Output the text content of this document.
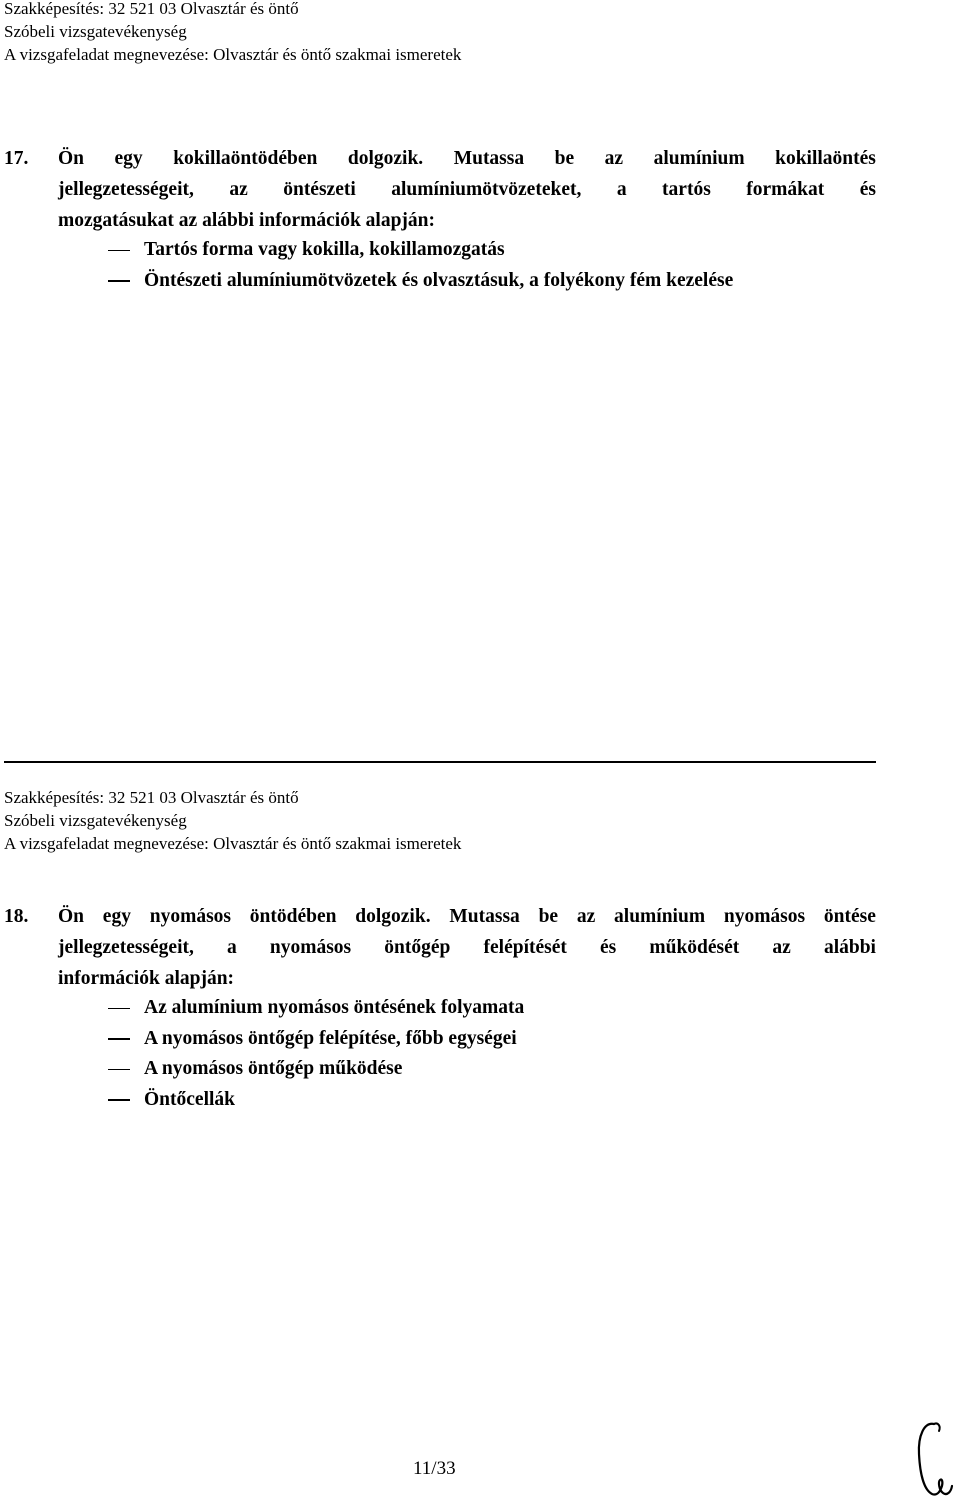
Szakképesítés: 32 521 03 Olvasztár és öntő
Szóbeli vizsgatevékenység
A vizsgafeladat megnevezése: Olvasztár és öntő szakmai ismeretek
17.	Ön egy kokillaöntödében dolgozik. Mutassa be az alumínium kokillaöntés
jellegzetességeit, az öntészeti alumíniumötvözeteket, a tartós formákat és
mozgatásukat az alábbi információk alapján:
Tartós forma vagy kokilla, kokillamozgatás
Öntészeti alumíniumötvözetek és olvasztásuk, a folyékony fém kezelése
Szakképesítés: 32 521 03 Olvasztár és öntő
Szóbeli vizsgatevékenység
A vizsgafeladat megnevezése: Olvasztár és öntő szakmai ismeretek
18.	Ön egy nyomásos öntödében dolgozik. Mutassa be az alumínium nyomásos öntése
jellegzetességeit, a nyomásos öntőgép felépítését és működését az alábbi
információk alapján:
Az alumínium nyomásos öntésének folyamata
A nyomásos öntőgép felépítése, főbb egységei
A nyomásos öntőgép működése
Öntőcellák
11/33
